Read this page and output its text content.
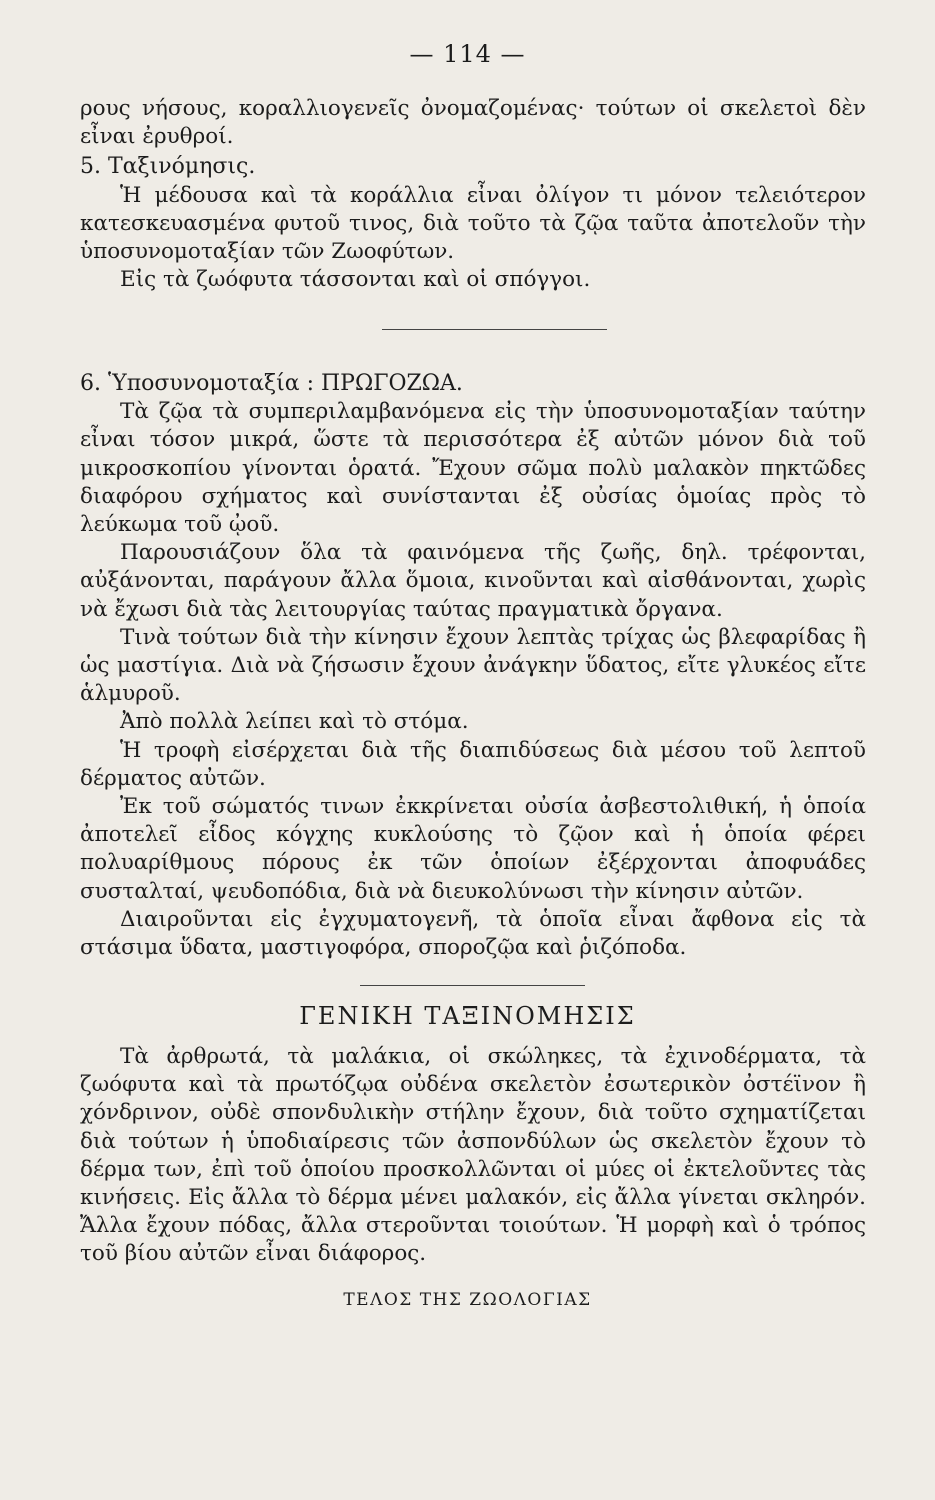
— 114 —

ρους νήσους, κοραλλιογενεῖς ὀνομαζομένας· τούτων οἱ σκελετοὶ δὲν εἶναι ἐρυθροί.

5. Ταξινόμησις.

Ἡ μέδουσα καὶ τὰ κοράλλια εἶναι ὀλίγον τι μόνον τελειότερον κατεσκευασμένα φυτοῦ τινος, διὰ τοῦτο τὰ ζῷα ταῦτα ἀποτελοῦν τὴν ὑποσυνομοταξίαν τῶν Ζωοφύτων.

Εἰς τὰ ζωόφυτα τάσσονται καὶ οἱ σπόγγοι.

6. Ὑποσυνομοταξία : ΠΡΩΓΟΖΩΑ.

Τὰ ζῷα τὰ συμπεριλαμβανόμενα εἰς τὴν ὑποσυνομοταξίαν ταύτην εἶναι τόσον μικρά, ὥστε τὰ περισσότερα ἐξ αὐτῶν μόνον διὰ τοῦ μικροσκοπίου γίνονται ὁρατά. Ἔχουν σῶμα πολὺ μαλακὸν πηκτῶδες διαφόρου σχήματος καὶ συνίστανται ἐξ οὐσίας ὁμοίας πρὸς τὸ λεύκωμα τοῦ ᾠοῦ.

Παρουσιάζουν ὅλα τὰ φαινόμενα τῆς ζωῆς, δηλ. τρέφονται, αὐξάνονται, παράγουν ἄλλα ὅμοια, κινοῦνται καὶ αἰσθάνονται, χωρὶς νὰ ἔχωσι διὰ τὰς λειτουργίας ταύτας πραγματικὰ ὄργανα.

Τινὰ τούτων διὰ τὴν κίνησιν ἔχουν λεπτὰς τρίχας ὡς βλεφαρίδας ἢ ὡς μαστίγια. Διὰ νὰ ζήσωσιν ἔχουν ἀνάγκην ὕδατος, εἴτε γλυκέος εἴτε ἁλμυροῦ.

Ἀπὸ πολλὰ λείπει καὶ τὸ στόμα.

Ἡ τροφὴ εἰσέρχεται διὰ τῆς διαπιδύσεως διὰ μέσου τοῦ λεπτοῦ δέρματος αὐτῶν.

Ἐκ τοῦ σώματός τινων ἐκκρίνεται οὐσία ἀσβεστολιθική, ἡ ὁποία ἀποτελεῖ εἶδος κόγχης κυκλούσης τὸ ζῷον καὶ ἡ ὁποία φέρει πολυαρίθμους πόρους ἐκ τῶν ὁποίων ἐξέρχονται ἀποφυάδες συσταλταί, ψευδοπόδια, διὰ νὰ διευκολύνωσι τὴν κίνησιν αὐτῶν.

Διαιροῦνται εἰς ἐγχυματογενῆ, τὰ ὁποῖα εἶναι ἄφθονα εἰς τὰ στάσιμα ὕδατα, μαστιγοφόρα, σποροζῷα καὶ ῥιζόποδα.

ΓΕΝΙΚΗ ΤΑΞΙΝΟΜΗΣΙΣ

Τὰ ἀρθρωτά, τὰ μαλάκια, οἱ σκώληκες, τὰ ἐχινοδέρματα, τὰ ζωόφυτα καὶ τὰ πρωτόζῳα οὐδένα σκελετὸν ἐσωτερικὸν ὀστέϊνον ἢ χόνδρινον, οὐδὲ σπονδυλικὴν στήλην ἔχουν, διὰ τοῦτο σχηματίζεται διὰ τούτων ἡ ὑποδιαίρεσις τῶν ἀσπονδύλων ὡς σκελετὸν ἔχουν τὸ δέρμα των, ἐπὶ τοῦ ὁποίου προσκολλῶνται οἱ μύες οἱ ἐκτελοῦντες τὰς κινήσεις. Εἰς ἄλλα τὸ δέρμα μένει μαλακόν, εἰς ἄλλα γίνεται σκληρόν. Ἄλλα ἔχουν πόδας, ἄλλα στεροῦνται τοιούτων. Ἡ μορφὴ καὶ ὁ τρόπος τοῦ βίου αὐτῶν εἶναι διάφορος.

ΤΕΛΟΣ ΤΗΣ ΖΩΟΛΟΓΙΑΣ
